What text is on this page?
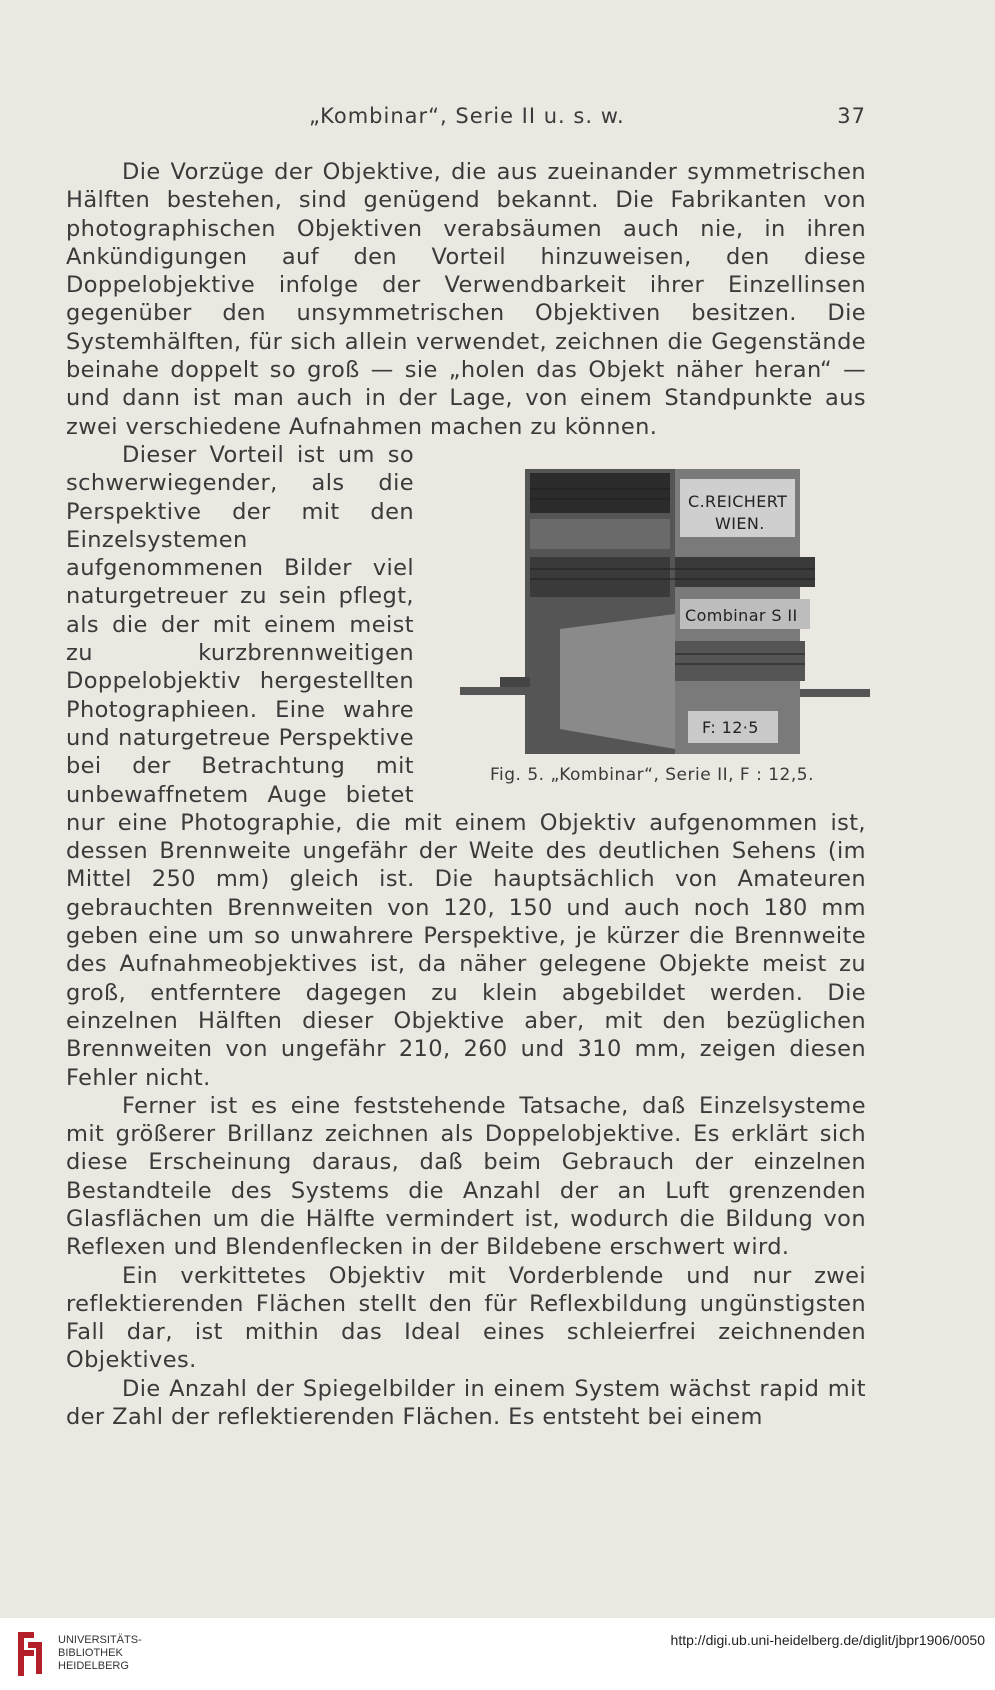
„Kombinar“, Serie II u. s. w.	37

Die Vorzüge der Objektive, die aus zueinander symmetrischen Hälften bestehen, sind genügend bekannt. Die Fabrikanten von photographischen Objektiven verabsäumen auch nie, in ihren Ankündigungen auf den Vorteil hinzuweisen, den diese Doppelobjektive infolge der Verwendbarkeit ihrer Einzellinsen gegenüber den unsymmetrischen Objektiven besitzen. Die Systemhälften, für sich allein verwendet, zeichnen die Gegenstände beinahe doppelt so groß — sie „holen das Objekt näher heran“ — und dann ist man auch in der Lage, von einem Standpunkte aus zwei verschiedene Aufnahmen machen zu können.

C.REICHERT
WIEN.
Combinar S II
F: 12·5
Fig. 5. „Kombinar“, Serie II, F : 12,5.

Dieser Vorteil ist um so schwerwiegender, als die Perspektive der mit den Einzelsystemen aufgenommenen Bilder viel naturgetreuer zu sein pflegt, als die der mit einem meist zu kurzbrennweitigen Doppelobjektiv hergestellten Photographieen. Eine wahre und naturgetreue Perspektive bei der Betrachtung mit unbewaffnetem Auge bietet nur eine Photographie, die mit einem Objektiv aufgenommen ist, dessen Brennweite ungefähr der Weite des deutlichen Sehens (im Mittel 250 mm) gleich ist. Die hauptsächlich von Amateuren gebrauchten Brennweiten von 120, 150 und auch noch 180 mm geben eine um so unwahrere Perspektive, je kürzer die Brennweite des Aufnahmeobjektives ist, da näher gelegene Objekte meist zu groß, entferntere dagegen zu klein abgebildet werden. Die einzelnen Hälften dieser Objektive aber, mit den bezüglichen Brennweiten von ungefähr 210, 260 und 310 mm, zeigen diesen Fehler nicht.

Ferner ist es eine feststehende Tatsache, daß Einzelsysteme mit größerer Brillanz zeichnen als Doppelobjektive. Es erklärt sich diese Erscheinung daraus, daß beim Gebrauch der einzelnen Bestandteile des Systems die Anzahl der an Luft grenzenden Glasflächen um die Hälfte vermindert ist, wodurch die Bildung von Reflexen und Blendenflecken in der Bildebene erschwert wird.

Ein verkittetes Objektiv mit Vorderblende und nur zwei reflektierenden Flächen stellt den für Reflexbildung ungünstigsten Fall dar, ist mithin das Ideal eines schleierfrei zeichnenden Objektives.

Die Anzahl der Spiegelbilder in einem System wächst rapid mit der Zahl der reflektierenden Flächen. Es entsteht bei einem

UNIVERSITÄTS-
BIBLIOTHEK
HEIDELBERG
http://digi.ub.uni-heidelberg.de/diglit/jbpr1906/0050
